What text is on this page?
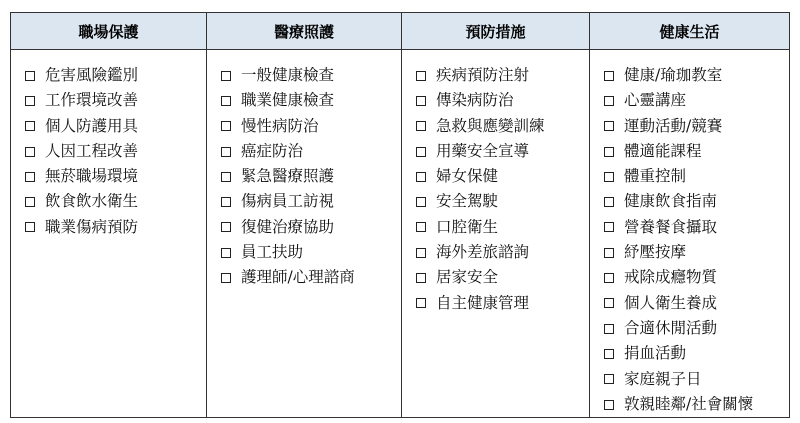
職場保護
危害風險鑑別
工作環境改善
個人防護用具
人因工程改善
無菸職場環境
飲食飲水衛生
職業傷病預防
醫療照護
一般健康檢查
職業健康檢查
慢性病防治
癌症防治
緊急醫療照護
傷病員工訪視
復健治療協助
員工扶助
護理師/心理諮商
預防措施
疾病預防注射
傳染病防治
急救與應變訓練
用藥安全宣導
婦女保健
安全駕駛
口腔衛生
海外差旅諮詢
居家安全
自主健康管理
健康生活
健康/瑜珈教室
心靈講座
運動活動/競賽
體適能課程
體重控制
健康飲食指南
營養餐食攝取
紓壓按摩
戒除成癮物質
個人衛生養成
合適休閒活動
捐血活動
家庭親子日
敦親睦鄰/社會關懷
